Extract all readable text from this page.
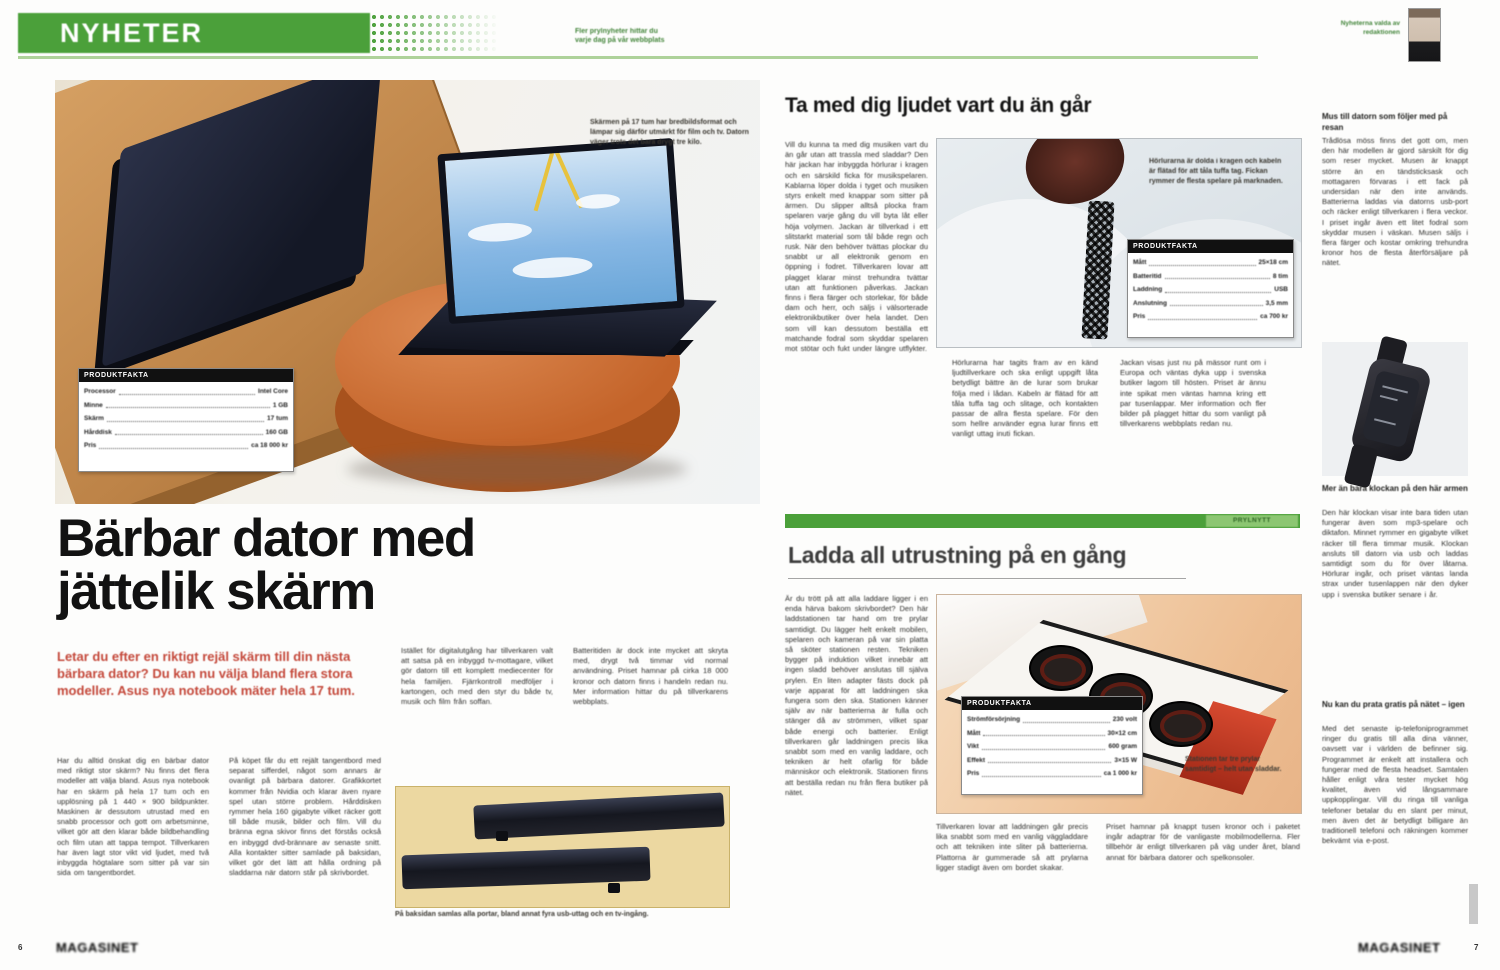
NYHETER	Fler prylnyheter hittar du
varje dag på vår webbplats
Nyheterna valda av
redaktionen
Skärmen på 17 tum har bredbildsformat och lämpar sig därför utmärkt för film och tv. Datorn väger trots det bara drygt tre kilo.
PRODUKTFAKTA
Processor	Intel Core
Minne	1 GB
Skärm	17 tum
Hårddisk	160 GB
Pris	ca 18 000 kr
Bärbar dator med
jättelik skärm
Letar du efter en riktigt rejäl skärm till din nästa bärbara dator? Du kan nu välja bland flera stora modeller. Asus nya notebook mäter hela 17 tum.
Har du alltid önskat dig en bärbar dator med riktigt stor skärm? Nu finns det flera modeller att välja bland. Asus nya notebook har en skärm på hela 17 tum och en upplösning på 1 440 × 900 bildpunkter. Maskinen är dessutom utrustad med en snabb processor och gott om arbetsminne, vilket gör att den klarar både bildbehandling och film utan att tappa tempot. Tillverkaren har även lagt stor vikt vid ljudet, med två inbyggda högtalare som sitter på var sin sida om tangentbordet.
På köpet får du ett rejält tangentbord med separat sifferdel, något som annars är ovanligt på bärbara datorer. Grafikkortet kommer från Nvidia och klarar även nyare spel utan större problem. Hårddisken rymmer hela 160 gigabyte vilket räcker gott till både musik, bilder och film. Vill du bränna egna skivor finns det förstås också en inbyggd dvd-brännare av senaste snitt. Alla kontakter sitter samlade på baksidan, vilket gör det lätt att hålla ordning på sladdarna när datorn står på skrivbordet.
Istället för digitalutgång har tillverkaren valt att satsa på en inbyggd tv-mottagare, vilket gör datorn till ett komplett mediecenter för hela familjen. Fjärrkontroll medföljer i kartongen, och med den styr du både tv, musik och film från soffan.
Batteritiden är dock inte mycket att skryta med, drygt två timmar vid normal användning. Priset hamnar på cirka 18 000 kronor och datorn finns i handeln redan nu. Mer information hittar du på tillverkarens webbplats.
På baksidan samlas alla portar, bland annat fyra usb-uttag och en tv-ingång.
Ta med dig ljudet vart du än går
Vill du kunna ta med dig musiken vart du än går utan att trassla med sladdar? Den här jackan har inbyggda hörlurar i kragen och en särskild ficka för musikspelaren. Kablarna löper dolda i tyget och musiken styrs enkelt med knappar som sitter på ärmen. Du slipper alltså plocka fram spelaren varje gång du vill byta låt eller höja volymen. Jackan är tillverkad i ett slitstarkt material som tål både regn och rusk. När den behöver tvättas plockar du snabbt ur all elektronik genom en öppning i fodret. Tillverkaren lovar att plagget klarar minst trehundra tvättar utan att funktionen påverkas. Jackan finns i flera färger och storlekar, för både dam och herr, och säljs i välsorterade elektronikbutiker över hela landet. Den som vill kan dessutom beställa ett matchande fodral som skyddar spelaren mot stötar och fukt under längre utflykter.
Hörlurarna är dolda i kragen och kabeln är flätad för att tåla tuffa tag. Fickan rymmer de flesta spelare på marknaden.
PRODUKTFAKTA
Mått	25×18 cm
Batteritid	8 tim
Laddning	USB
Anslutning	3,5 mm
Pris	ca 700 kr
Hörlurarna har tagits fram av en känd ljudtillverkare och ska enligt uppgift låta betydligt bättre än de lurar som brukar följa med i lådan. Kabeln är flätad för att tåla tuffa tag och slitage, och kontakten passar de allra flesta spelare. För den som hellre använder egna lurar finns ett vanligt uttag inuti fickan.
Jackan visas just nu på mässor runt om i Europa och väntas dyka upp i svenska butiker lagom till hösten. Priset är ännu inte spikat men väntas hamna kring ett par tusenlappar. Mer information och fler bilder på plagget hittar du som vanligt på tillverkarens webbplats redan nu.
PRYLNYTT
Ladda all utrustning på en gång
Är du trött på att alla laddare ligger i en enda härva bakom skrivbordet? Den här laddstationen tar hand om tre prylar samtidigt. Du lägger helt enkelt mobilen, spelaren och kameran på var sin platta så sköter stationen resten. Tekniken bygger på induktion vilket innebär att ingen sladd behöver anslutas till själva prylen. En liten adapter fästs dock på varje apparat för att laddningen ska fungera som den ska. Stationen känner själv av när batterierna är fulla och stänger då av strömmen, vilket spar både energi och batterier. Enligt tillverkaren går laddningen precis lika snabbt som med en vanlig laddare, och tekniken är helt ofarlig för både människor och elektronik. Stationen finns att beställa redan nu från flera butiker på nätet.
PRODUKTFAKTA
Strömförsörjning	230 volt
Mått	30×12 cm
Vikt	600 gram
Effekt	3×15 W
Pris	ca 1 000 kr
Stationen tar tre prylar samtidigt – helt utan sladdar.
Tillverkaren lovar att laddningen går precis lika snabbt som med en vanlig väggladdare och att tekniken inte sliter på batterierna. Plattorna är gummerade så att prylarna ligger stadigt även om bordet skakar.
Priset hamnar på knappt tusen kronor och i paketet ingår adaptrar för de vanligaste mobilmodellerna. Fler tillbehör är enligt tillverkaren på väg under året, bland annat för bärbara datorer och spelkonsoler.
Mus till datorn som följer med på resan
Trådlösa möss finns det gott om, men den här modellen är gjord särskilt för dig som reser mycket. Musen är knappt större än en tändsticksask och mottagaren förvaras i ett fack på undersidan när den inte används. Batterierna laddas via datorns usb-port och räcker enligt tillverkaren i flera veckor. I priset ingår även ett litet fodral som skyddar musen i väskan. Musen säljs i flera färger och kostar omkring trehundra kronor hos de flesta återförsäljare på nätet.
Mer än bara klockan på den här armen
Den här klockan visar inte bara tiden utan fungerar även som mp3-spelare och diktafon. Minnet rymmer en gigabyte vilket räcker till flera timmar musik. Klockan ansluts till datorn via usb och laddas samtidigt som du för över låtarna. Hörlurar ingår, och priset väntas landa strax under tusenlappen när den dyker upp i svenska butiker senare i år.
Nu kan du prata gratis på nätet – igen
Med det senaste ip-telefoniprogrammet ringer du gratis till alla dina vänner, oavsett var i världen de befinner sig. Programmet är enkelt att installera och fungerar med de flesta headset. Samtalen håller enligt våra tester mycket hög kvalitet, även vid långsammare uppkopplingar. Vill du ringa till vanliga telefoner betalar du en slant per minut, men även det är betydligt billigare än traditionell telefoni och räkningen kommer bekvämt via e-post.
6	MAGASINET	MAGASINET	7
